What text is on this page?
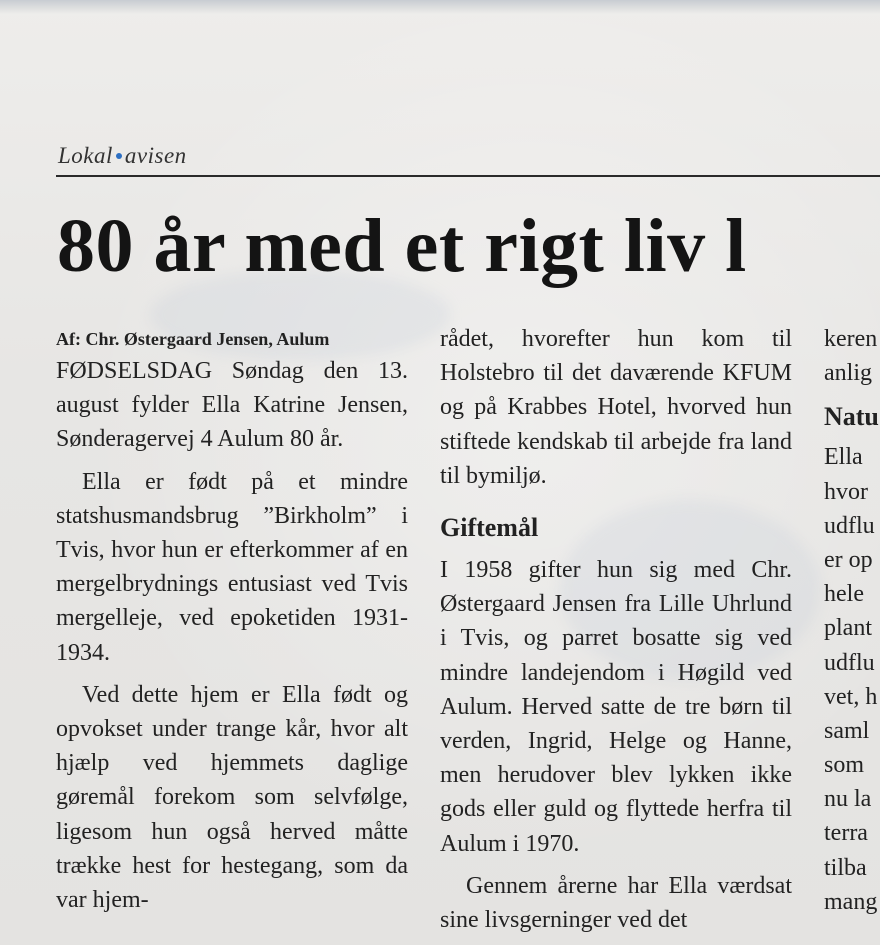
Lokal avisen
80 år med et rigt liv l

Af: Chr. Østergaard Jensen, Aulum

FØDSELSDAG Søndag den 13. august fylder Ella Katrine Jensen, Sønderagervej 4 Aulum 80 år.

Ella er født på et mindre statshusmandsbrug ”Birkholm” i Tvis, hvor hun er efterkommer af en mergelbrydnings entusiast ved Tvis mergelleje, ved epoketiden 1931-1934.

Ved dette hjem er Ella født og opvokset under trange kår, hvor alt hjælp ved hjemmets daglige gøremål forekom som selvfølge, ligesom hun også herved måtte trække hest for hestegang, som da var hjem-

rådet, hvorefter hun kom til Holstebro til det daværende KFUM og på Krabbes Hotel, hvorved hun stiftede kendskab til arbejde fra land til bymiljø.

Giftemål

I 1958 gifter hun sig med Chr. Østergaard Jensen fra Lille Uhrlund i Tvis, og parret bosatte sig ved mindre landejendom i Høgild ved Aulum. Herved satte de tre børn til verden, Ingrid, Helge og Hanne, men herudover blev lykken ikke gods eller guld og flyttede herfra til Aulum i 1970.

Gennem årerne har Ella værdsat sine livsgerninger ved det

keren
anlig
Natu
Ella
hvor
udflu
er op
hele
plant
udflu
vet, h
saml
som
nu la
terra
tilba
mang
